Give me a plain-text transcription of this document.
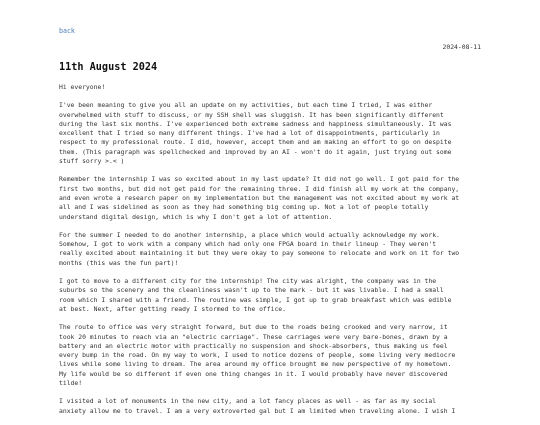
back
2024-08-11
11th August 2024

Hi everyone!

I've been meaning to give you all an update on my activities, but each time I tried, I was either
overwhelmed with stuff to discuss, or my SSH shell was sluggish. It has been significantly different
during the last six months. I've experienced both extreme sadness and happiness simultaneously. It was
excellent that I tried so many different things. I've had a lot of disappointments, particularly in
respect to my professional route. I did, however, accept them and am making an effort to go on despite
them. (This paragraph was spellchecked and improved by an AI - won't do it again, just trying out some
stuff sorry >.< )

Remember the internship I was so excited about in my last update? It did not go well. I got paid for the
first two months, but did not get paid for the remaining three. I did finish all my work at the company,
and even wrote a research paper on my implementation but the management was not excited about my work at
all and I was sidelined as soon as they had something big coming up. Not a lot of people totally
understand digital design, which is why I don't get a lot of attention.

For the summer I needed to do another internship, a place which would actually acknowledge my work.
Somehow, I got to work with a company which had only one FPGA board in their lineup - They weren't
really excited about maintaining it but they were okay to pay someone to relocate and work on it for two
months (this was the fun part)!

I got to move to a different city for the internship! The city was alright, the company was in the
suburbs so the scenery and the cleanliness wasn't up to the mark - but it was livable. I had a small
room which I shared with a friend. The routine was simple, I got up to grab breakfast which was edible
at best. Next, after getting ready I stormed to the office.

The route to office was very straight forward, but due to the roads being crooked and very narrow, it
took 20 minutes to reach via an "electric carriage". These carriages were very bare-bones, drawn by a
battery and an electric motor with practically no suspension and shock-absorbers, thus making us feel
every bump in the road. On my way to work, I used to notice dozens of people, some living very mediocre
lives while some living to dream. The area around my office brought me new perspective of my hometown.
My life would be so different if even one thing changes in it. I would probably have never discovered
tilde!

I visited a lot of monuments in the new city, and a lot fancy places as well - as far as my social
anxiety allow me to travel. I am a very extroverted gal but I am limited when traveling alone. I wish I
